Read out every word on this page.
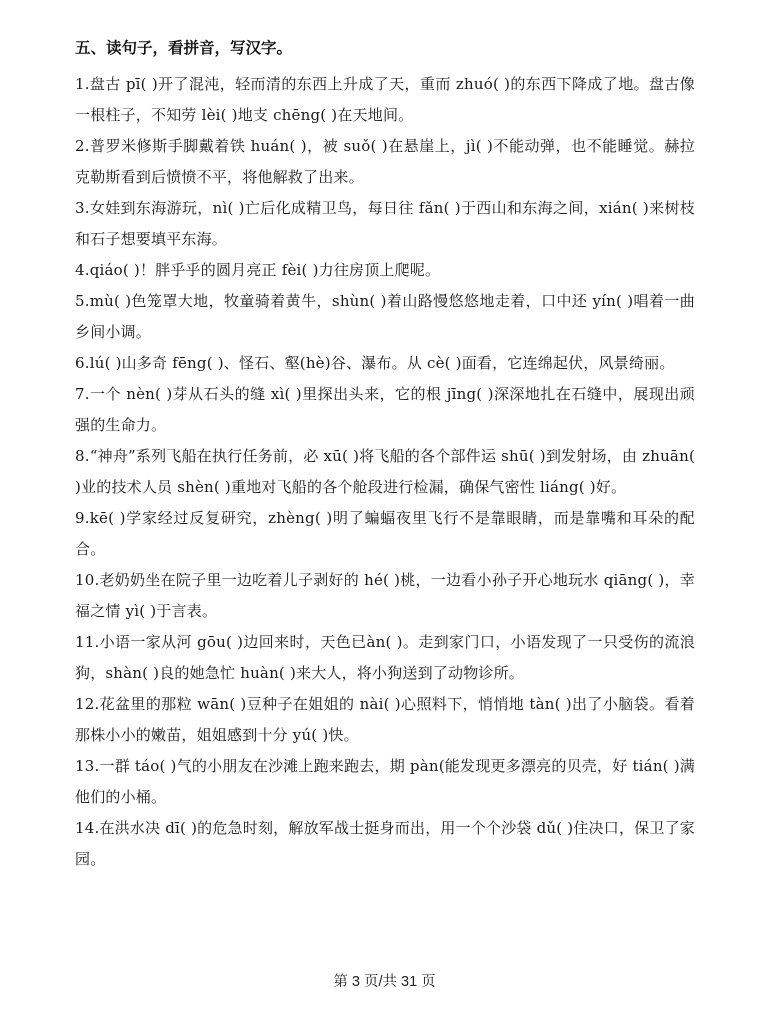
五、读句子，看拼音，写汉字。

1.盘古 pī( )开了混沌，轻而清的东西上升成了天，重而 zhuó( )的东西下降成了地。盘古像一根柱子，不知劳 lèi( )地支 chēng( )在天地间。

2.普罗米修斯手脚戴着铁 huán( )，被 suǒ( )在悬崖上，jì( )不能动弹，也不能睡觉。赫拉克勒斯看到后愤愤不平，将他解救了出来。

3.女娃到东海游玩，nì( )亡后化成精卫鸟，每日往 fǎn( )于西山和东海之间，xián( )来树枝和石子想要填平东海。

4.qiáo( )！胖乎乎的圆月亮正 fèi( )力往房顶上爬呢。

5.mù( )色笼罩大地，牧童骑着黄牛，shùn( )着山路慢悠悠地走着，口中还 yín( )唱着一曲乡间小调。

6.lú( )山多奇 fēng( )、怪石、壑(hè)谷、瀑布。从 cè( )面看，它连绵起伏，风景绮丽。

7.一个 nèn( )芽从石头的缝 xì( )里探出头来，它的根 jīng( )深深地扎在石缝中，展现出顽强的生命力。

8.“神舟”系列飞船在执行任务前，必 xū( )将飞船的各个部件运 shū( )到发射场，由 zhuān( )业的技术人员 shèn( )重地对飞船的各个舱段进行检漏，确保气密性 liáng( )好。

9.kē( )学家经过反复研究，zhèng( )明了蝙蝠夜里飞行不是靠眼睛，而是靠嘴和耳朵的配合。

10.老奶奶坐在院子里一边吃着儿子剥好的 hé( )桃，一边看小孙子开心地玩水 qiāng( )，幸福之情 yì( )于言表。

11.小语一家从河 gōu( )边回来时，天色已àn( )。走到家门口，小语发现了一只受伤的流浪狗，shàn( )良的她急忙 huàn( )来大人，将小狗送到了动物诊所。

12.花盆里的那粒 wān( )豆种子在姐姐的 nài( )心照料下，悄悄地 tàn( )出了小脑袋。看着那株小小的嫩苗，姐姐感到十分 yú( )快。

13.一群 táo( )气的小朋友在沙滩上跑来跑去，期 pàn(能发现更多漂亮的贝壳，好 tián( )满他们的小桶。

14.在洪水决 dī( )的危急时刻，解放军战士挺身而出，用一个个沙袋 dǔ( )住决口，保卫了家园。

第 3 页/共 31 页
